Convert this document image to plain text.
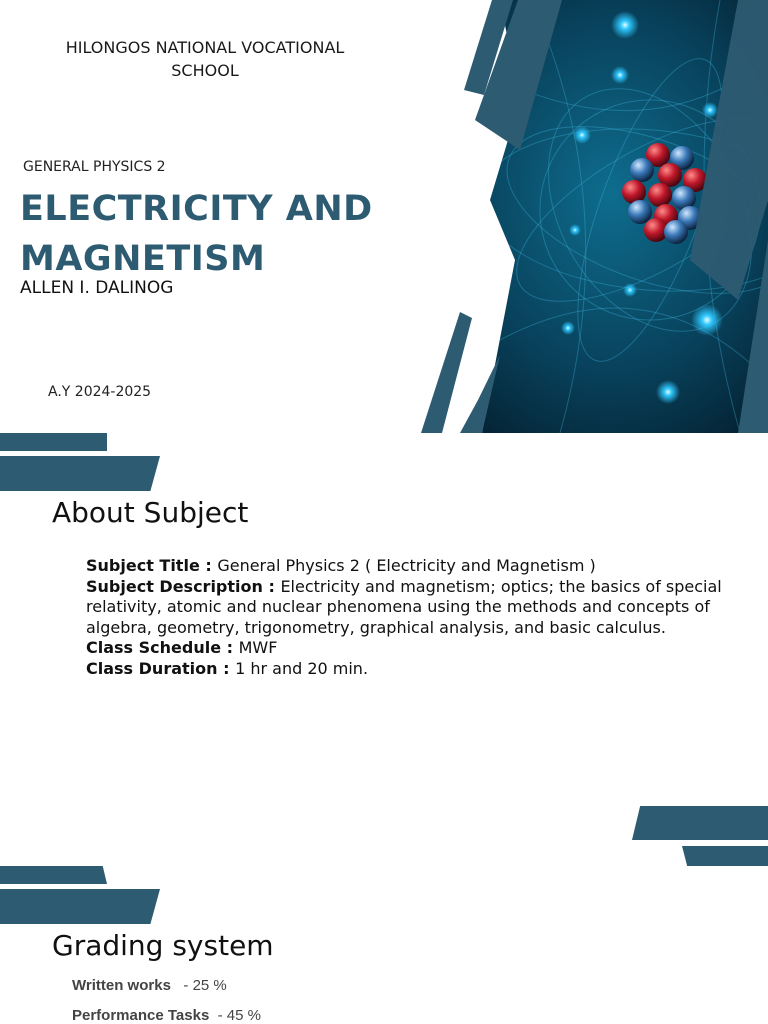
HILONGOS NATIONAL VOCATIONAL SCHOOL
GENERAL PHYSICS 2
ELECTRICITY AND MAGNETISM
ALLEN I. DALINOG
A.Y 2024-2025
About Subject
Subject Title : General Physics 2 ( Electricity and Magnetism )
Subject Description : Electricity and magnetism; optics; the basics of special relativity, atomic and nuclear phenomena using the methods and concepts of algebra, geometry, trigonometry, graphical analysis, and basic calculus.
Class Schedule : MWF
Class Duration : 1 hr and 20 min.
Grading system
Written works - 25 %
Performance Tasks - 45 %
